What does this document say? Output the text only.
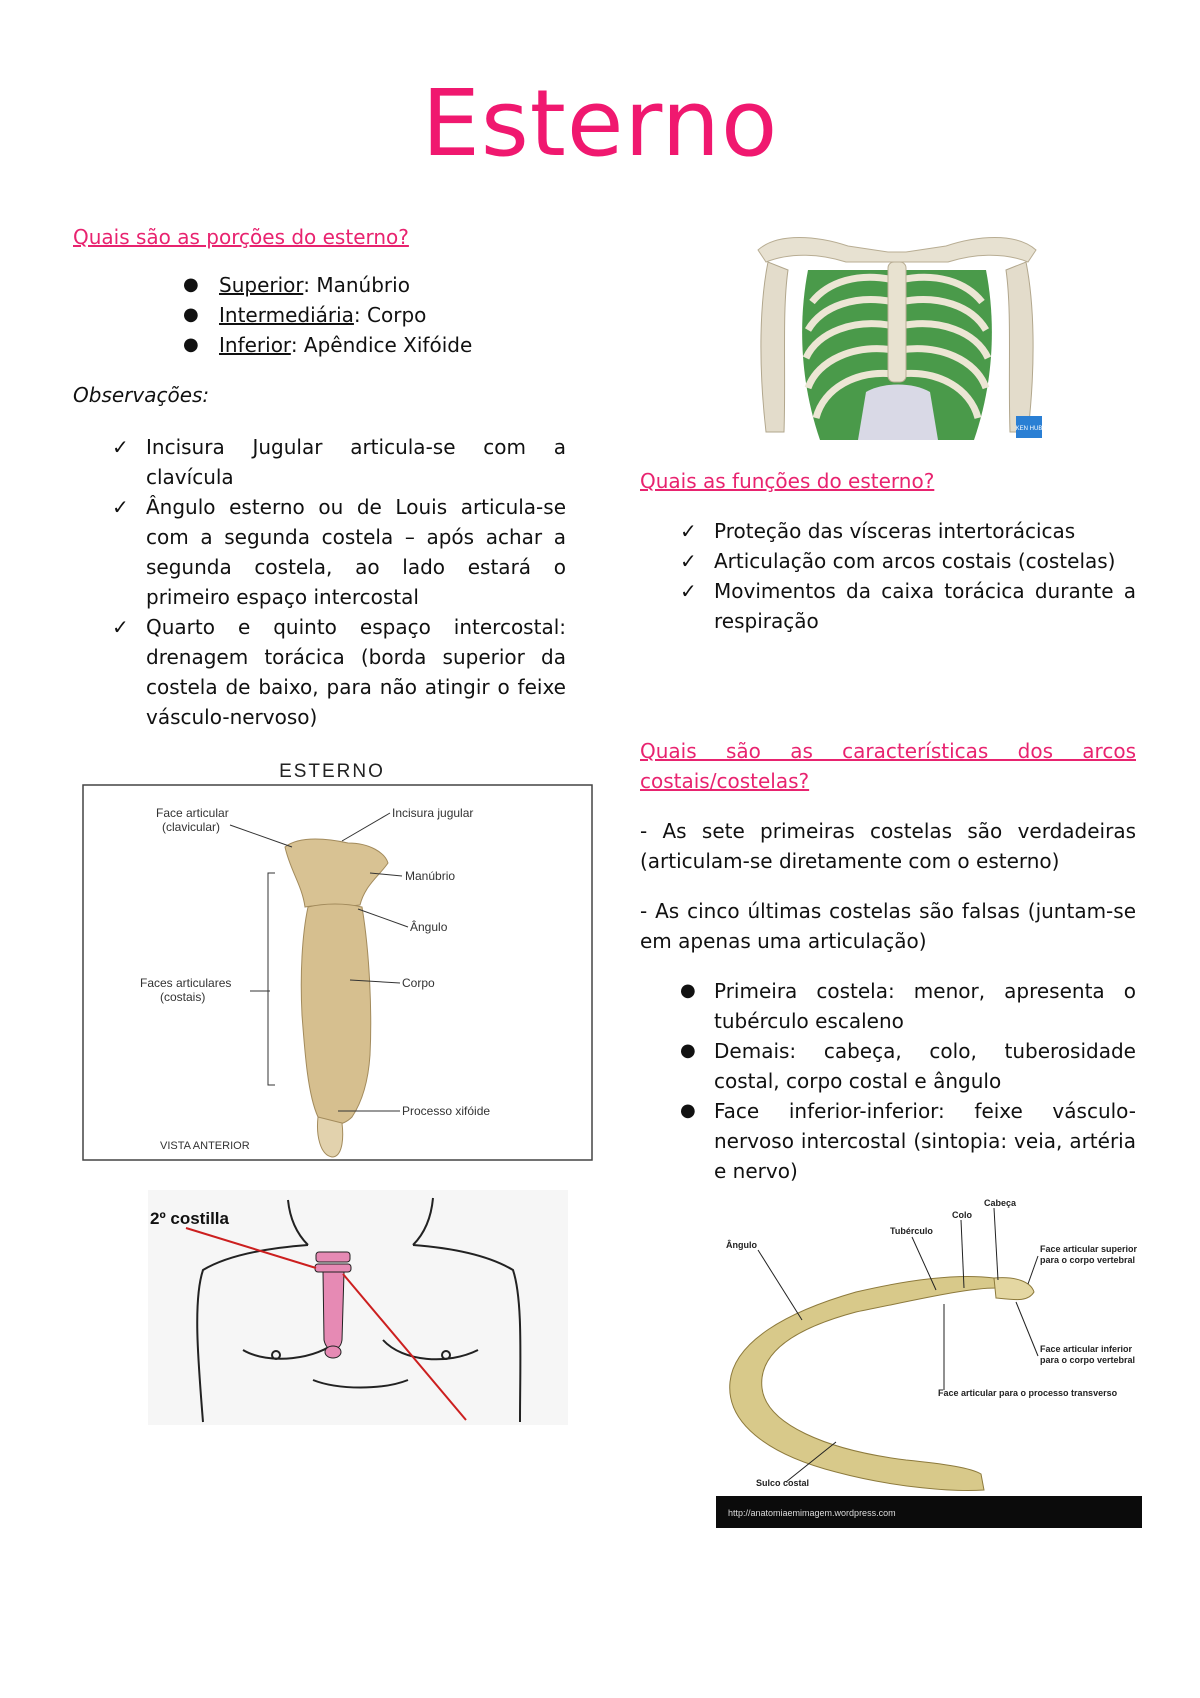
Esterno
Quais são as porções do esterno?
● Superior: Manúbrio
● Intermediária: Corpo
● Inferior: Apêndice Xifóide
Observações:
✓ Incisura Jugular articula-se com a clavícula
✓ Ângulo esterno ou de Louis articula-se com a segunda costela – após achar a segunda costela, ao lado estará o primeiro espaço intercostal
✓ Quarto e quinto espaço intercostal: drenagem torácica (borda superior da costela de baixo, para não atingir o feixe vásculo-nervoso)
ESTERNO
Face articular
(clavicular)
Incisura jugular
Manúbrio
Ângulo
Faces articulares
(costais)
Corpo
Processo xifóide
VISTA ANTERIOR
2º costilla
KEN HUB
Quais as funções do esterno?
✓ Proteção das vísceras intertorácicas
✓ Articulação com arcos costais (costelas)
✓ Movimentos da caixa torácica durante a respiração
Quais são as características dos arcos costais/costelas?
- As sete primeiras costelas são verdadeiras (articulam-se diretamente com o esterno)
- As cinco últimas costelas são falsas (juntam-se em apenas uma articulação)
● Primeira costela: menor, apresenta o tubérculo escaleno
● Demais: cabeça, colo, tuberosidade costal, corpo costal e ângulo
● Face inferior-inferior: feixe vásculo-nervoso intercostal (sintopia: veia, artéria e nervo)
Cabeça
Colo
Tubérculo
Ângulo	Face articular superior
para o corpo vertebral
Face articular inferior
para o corpo vertebral
Face articular para o processo transverso
Sulco costal
http://anatomiaemimagem.wordpress.com
